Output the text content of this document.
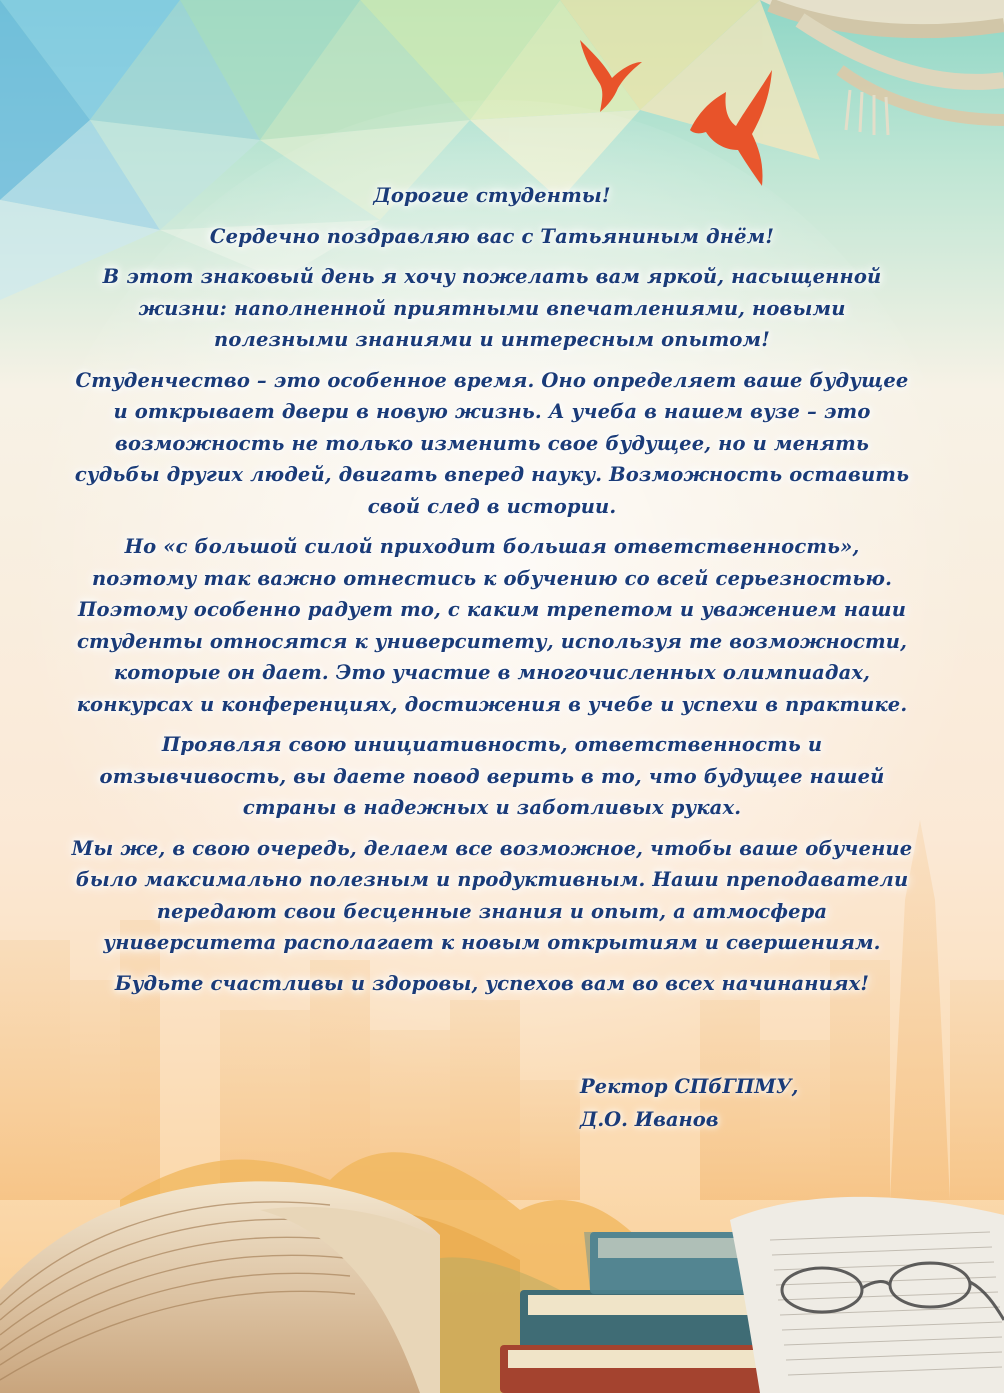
Дорогие студенты!

Сердечно поздравляю вас с Татьяниным днём!

В этот знаковый день я хочу пожелать вам яркой, насыщенной жизни: наполненной приятными впечатлениями, новыми полезными знаниями и интересным опытом!

Студенчество – это особенное время. Оно определяет ваше будущее и открывает двери в новую жизнь. А учеба в нашем вузе – это возможность не только изменить свое будущее, но и менять судьбы других людей, двигать вперед науку. Возможность оставить свой след в истории.

Но «с большой силой приходит большая ответственность», поэтому так важно отнестись к обучению со всей серьезностью. Поэтому особенно радует то, с каким трепетом и уважением наши студенты относятся к университету, используя те возможности, которые он дает. Это участие в многочисленных олимпиадах, конкурсах и конференциях, достижения в учебе и успехи в практике.

Проявляя свою инициативность, ответственность и отзывчивость, вы даете повод верить в то, что будущее нашей страны в надежных и заботливых руках.

Мы же, в свою очередь, делаем все возможное, чтобы ваше обучение было максимально полезным и продуктивным. Наши преподаватели передают свои бесценные знания и опыт, а атмосфера университета располагает к новым открытиям и свершениям.

Будьте счастливы и здоровы, успехов вам во всех начинаниях!

Ректор СПбГПМУ,
Д.О. Иванов
